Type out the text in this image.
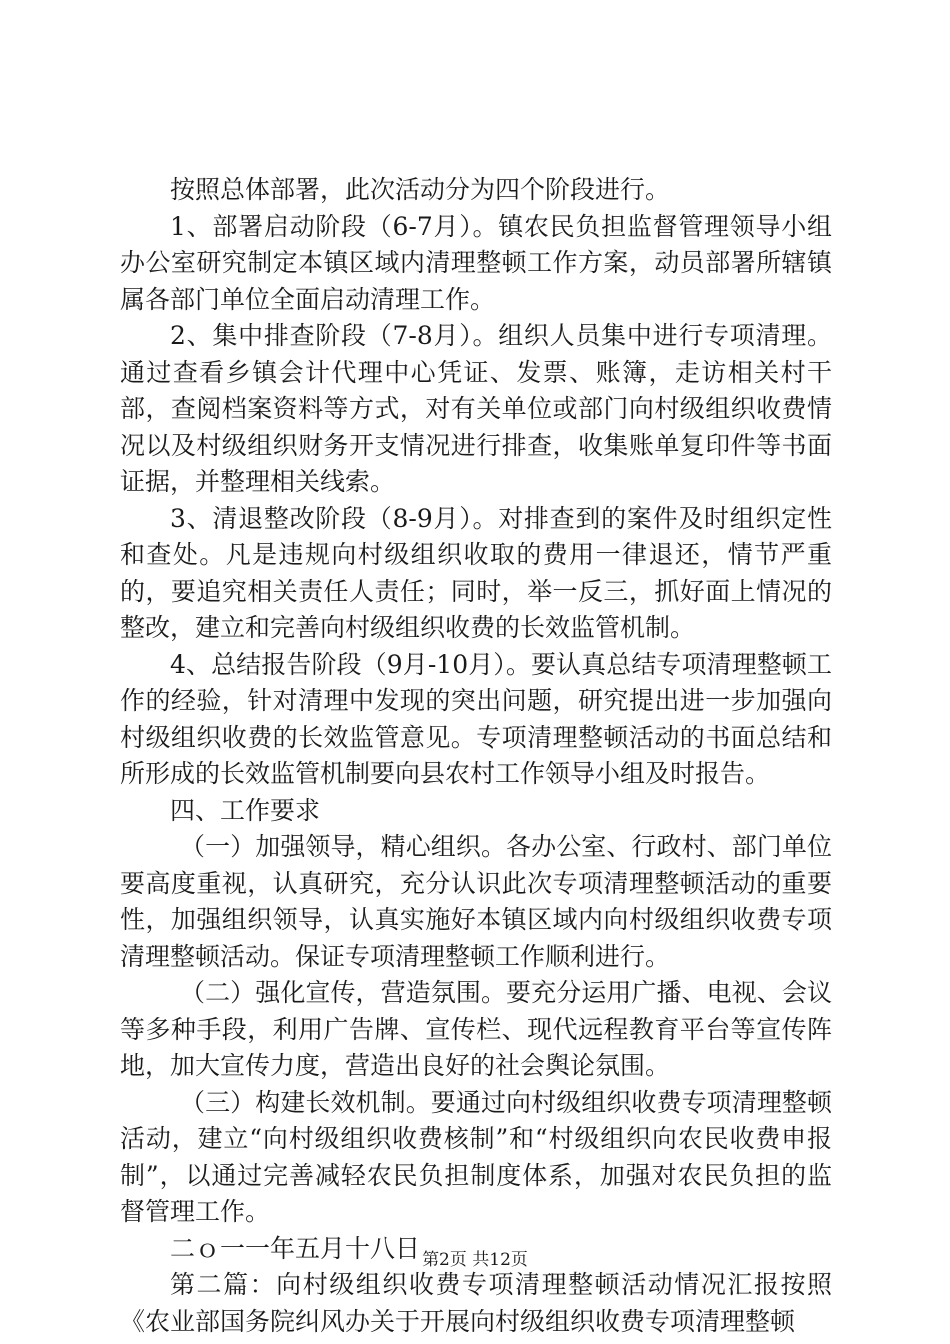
按照总体部署，此次活动分为四个阶段进行。

1、部署启动阶段（6-7月）。镇农民负担监督管理领导小组办公室研究制定本镇区域内清理整顿工作方案，动员部署所辖镇属各部门单位全面启动清理工作。

2、集中排查阶段（7-8月）。组织人员集中进行专项清理。通过查看乡镇会计代理中心凭证、发票、账簿，走访相关村干部，查阅档案资料等方式，对有关单位或部门向村级组织收费情况以及村级组织财务开支情况进行排查，收集账单复印件等书面证据，并整理相关线索。

3、清退整改阶段（8-9月）。对排查到的案件及时组织定性和查处。凡是违规向村级组织收取的费用一律退还，情节严重的，要追究相关责任人责任；同时，举一反三，抓好面上情况的整改，建立和完善向村级组织收费的长效监管机制。

4、总结报告阶段（9月-10月）。要认真总结专项清理整顿工作的经验，针对清理中发现的突出问题，研究提出进一步加强向村级组织收费的长效监管意见。专项清理整顿活动的书面总结和所形成的长效监管机制要向县农村工作领导小组及时报告。

四、工作要求

（一）加强领导，精心组织。各办公室、行政村、部门单位要高度重视，认真研究，充分认识此次专项清理整顿活动的重要性，加强组织领导，认真实施好本镇区域内向村级组织收费专项清理整顿活动。保证专项清理整顿工作顺利进行。

（二）强化宣传，营造氛围。要充分运用广播、电视、会议等多种手段，利用广告牌、宣传栏、现代远程教育平台等宣传阵地，加大宣传力度，营造出良好的社会舆论氛围。

（三）构建长效机制。要通过向村级组织收费专项清理整顿活动，建立“向村级组织收费核制”和“村级组织向农民收费申报制”，以通过完善减轻农民负担制度体系，加强对农民负担的监督管理工作。

二ｏ一一年五月十八日

第二篇：向村级组织收费专项清理整顿活动情况汇报按照《农业部国务院纠风办关于开展向村级组织收费专项清理整顿

第2页 共12页
